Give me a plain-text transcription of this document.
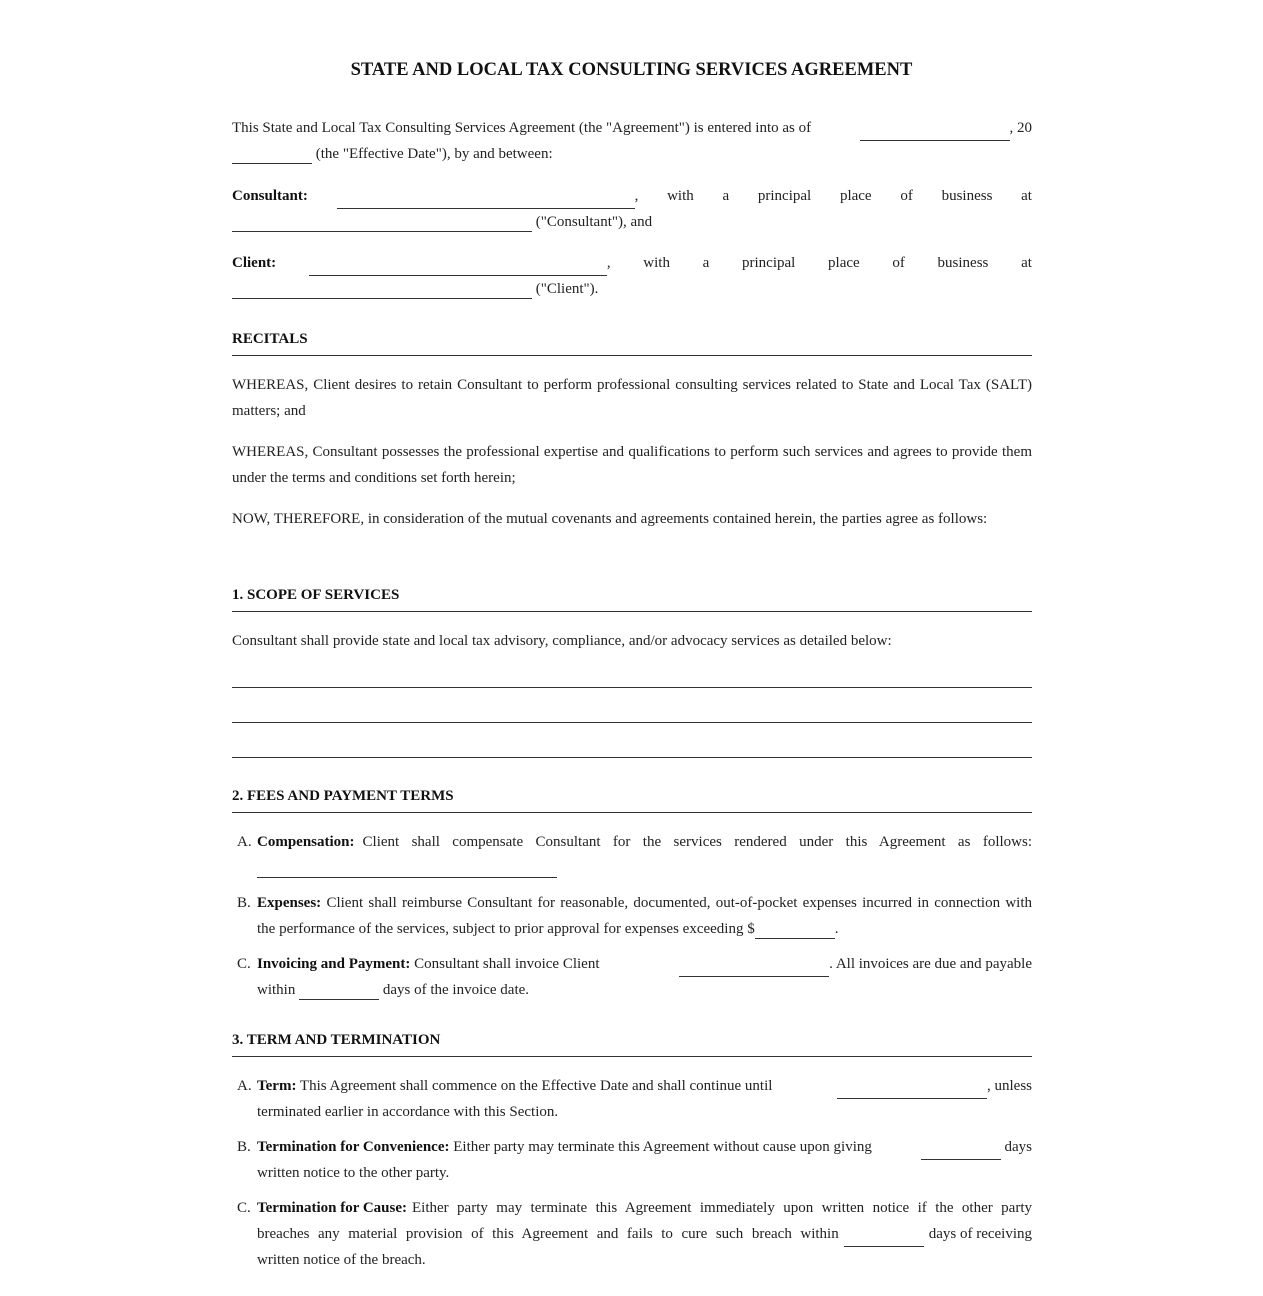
STATE AND LOCAL TAX CONSULTING SERVICES AGREEMENT
This State and Local Tax Consulting Services Agreement (the "Agreement") is entered into as of	, 20
(the "Effective Date"), by and between:
Consultant:	, with a principal place of business at
("Consultant"), and
Client:	, with a principal place of business at
("Client").
RECITALS
WHEREAS, Client desires to retain Consultant to perform professional consulting services related to State and Local Tax (SALT) matters; and
WHEREAS, Consultant possesses the professional expertise and qualifications to perform such services and agrees to provide them under the terms and conditions set forth herein;
NOW, THEREFORE, in consideration of the mutual covenants and agreements contained herein, the parties agree as follows:
1. SCOPE OF SERVICES
Consultant shall provide state and local tax advisory, compliance, and/or advocacy services as detailed below:
2. FEES AND PAYMENT TERMS
A. Compensation: Client shall compensate Consultant for the services rendered under this Agreement as follows:
B. Expenses: Client shall reimburse Consultant for reasonable, documented, out-of-pocket expenses incurred in connection with the performance of the services, subject to prior approval for expenses exceeding $	.
C. Invoicing and Payment: Consultant shall invoice Client	. All invoices are due and payable
within	days of the invoice date.
3. TERM AND TERMINATION
A. Term: This Agreement shall commence on the Effective Date and shall continue until	, unless
terminated earlier in accordance with this Section.
B. Termination for Convenience: Either party may terminate this Agreement without cause upon giving	days
written notice to the other party.
C. Termination for Cause: Either party may terminate this Agreement immediately upon written notice if the other party
breaches any material provision of this Agreement and fails to cure such breach within	days of receiving
written notice of the breach.
